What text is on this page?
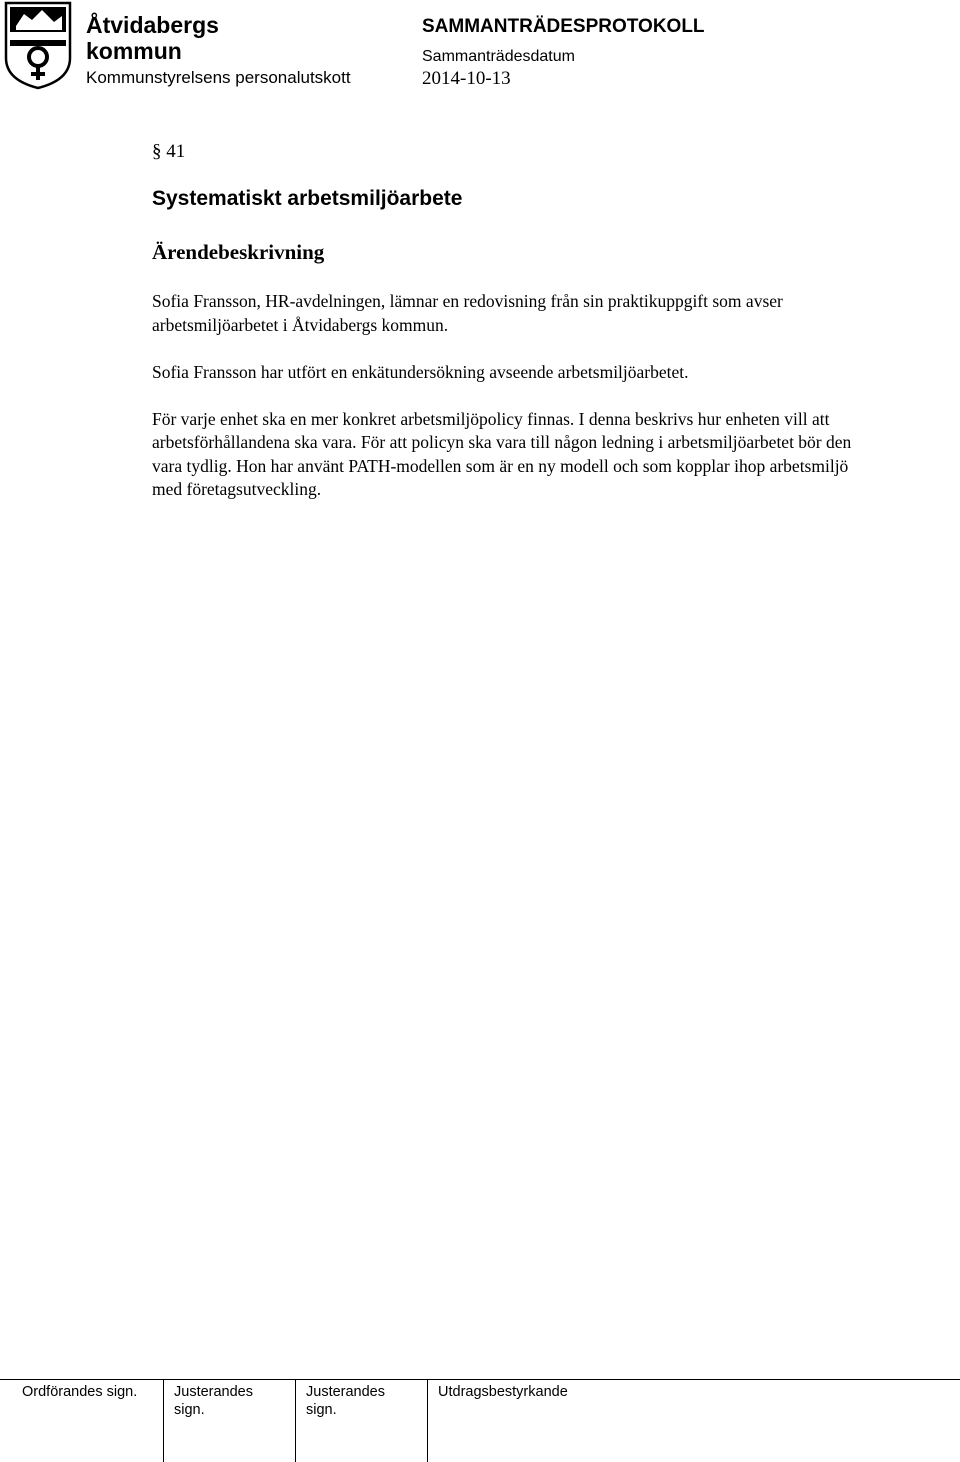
Åtvidabergs
kommun
Kommunstyrelsens personalutskott
SAMMANTRÄDESPROTOKOLL
Sammanträdesdatum
2014-10-13
§ 41
Systematiskt arbetsmiljöarbete
Ärendebeskrivning

Sofia Fransson, HR-avdelningen, lämnar en redovisning från sin praktikuppgift som avser arbetsmiljöarbetet i Åtvidabergs kommun.

Sofia Fransson har utfört en enkätundersökning avseende arbetsmiljöarbetet.

För varje enhet ska en mer konkret arbetsmiljöpolicy finnas. I denna beskrivs hur enheten vill att arbetsförhållandena ska vara. För att policyn ska vara till någon ledning i arbetsmiljöarbetet bör den vara tydlig. Hon har använt PATH-modellen som är en ny modell och som kopplar ihop arbetsmiljö med företagsutveckling.

Ordförandes sign.	Justerandes
sign.
Justerandes
sign.
Utdragsbestyrkande
